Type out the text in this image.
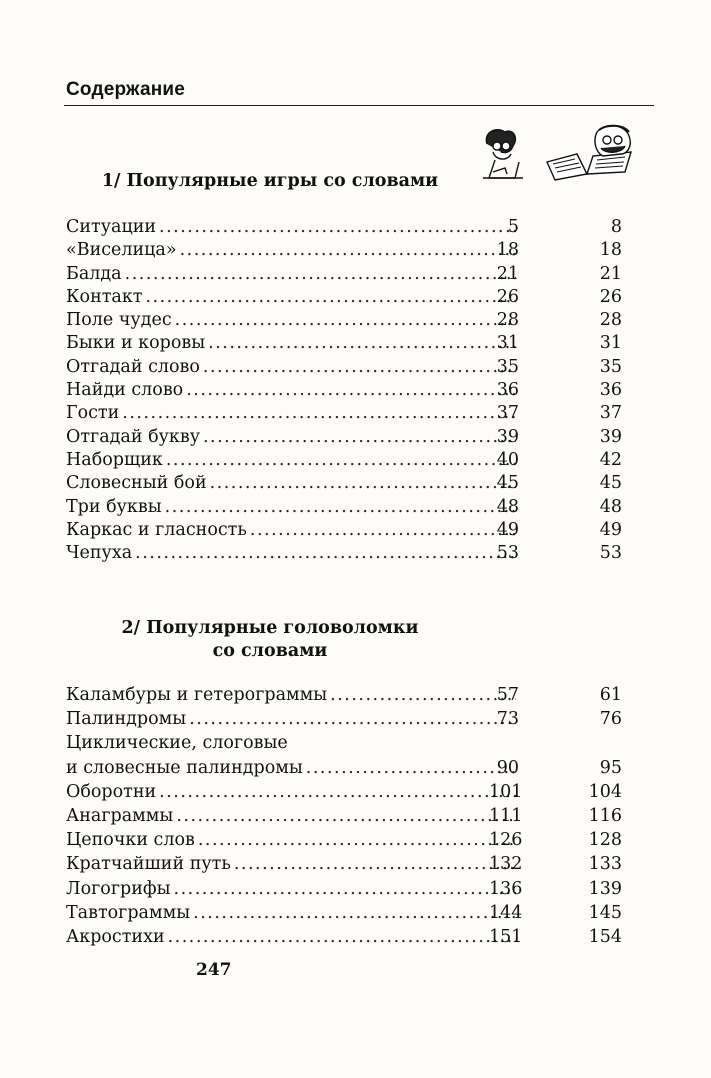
Содержание
1/ Популярные игры со словами
Ситуации .....	5	8
«Виселица» .....	18	18
Балда .....	21	21
Контакт .....	26	26
Поле чудес .....	28	28
Быки и коровы .....	31	31
Отгадай слово .....	35	35
Найди слово .....	36	36
Гости .....	37	37
Отгадай букву .....	39	39
Наборщик .....	40	42
Словесный бой .....	45	45
Три буквы .....	48	48
Каркас и гласность .....	49	49
Чепуха .....	53	53
2/ Популярные головоломки
со словами
Каламбуры и гетерограммы .....	57	61
Палиндромы .....	73	76
Циклические, слоговые
и словесные палиндромы .....	90	95
Оборотни .....	101	104
Анаграммы .....	111	116
Цепочки слов .....	126	128
Кратчайший путь .....	132	133
Логогрифы .....	136	139
Тавтограммы .....	144	145
Акростихи .....	151	154
247
